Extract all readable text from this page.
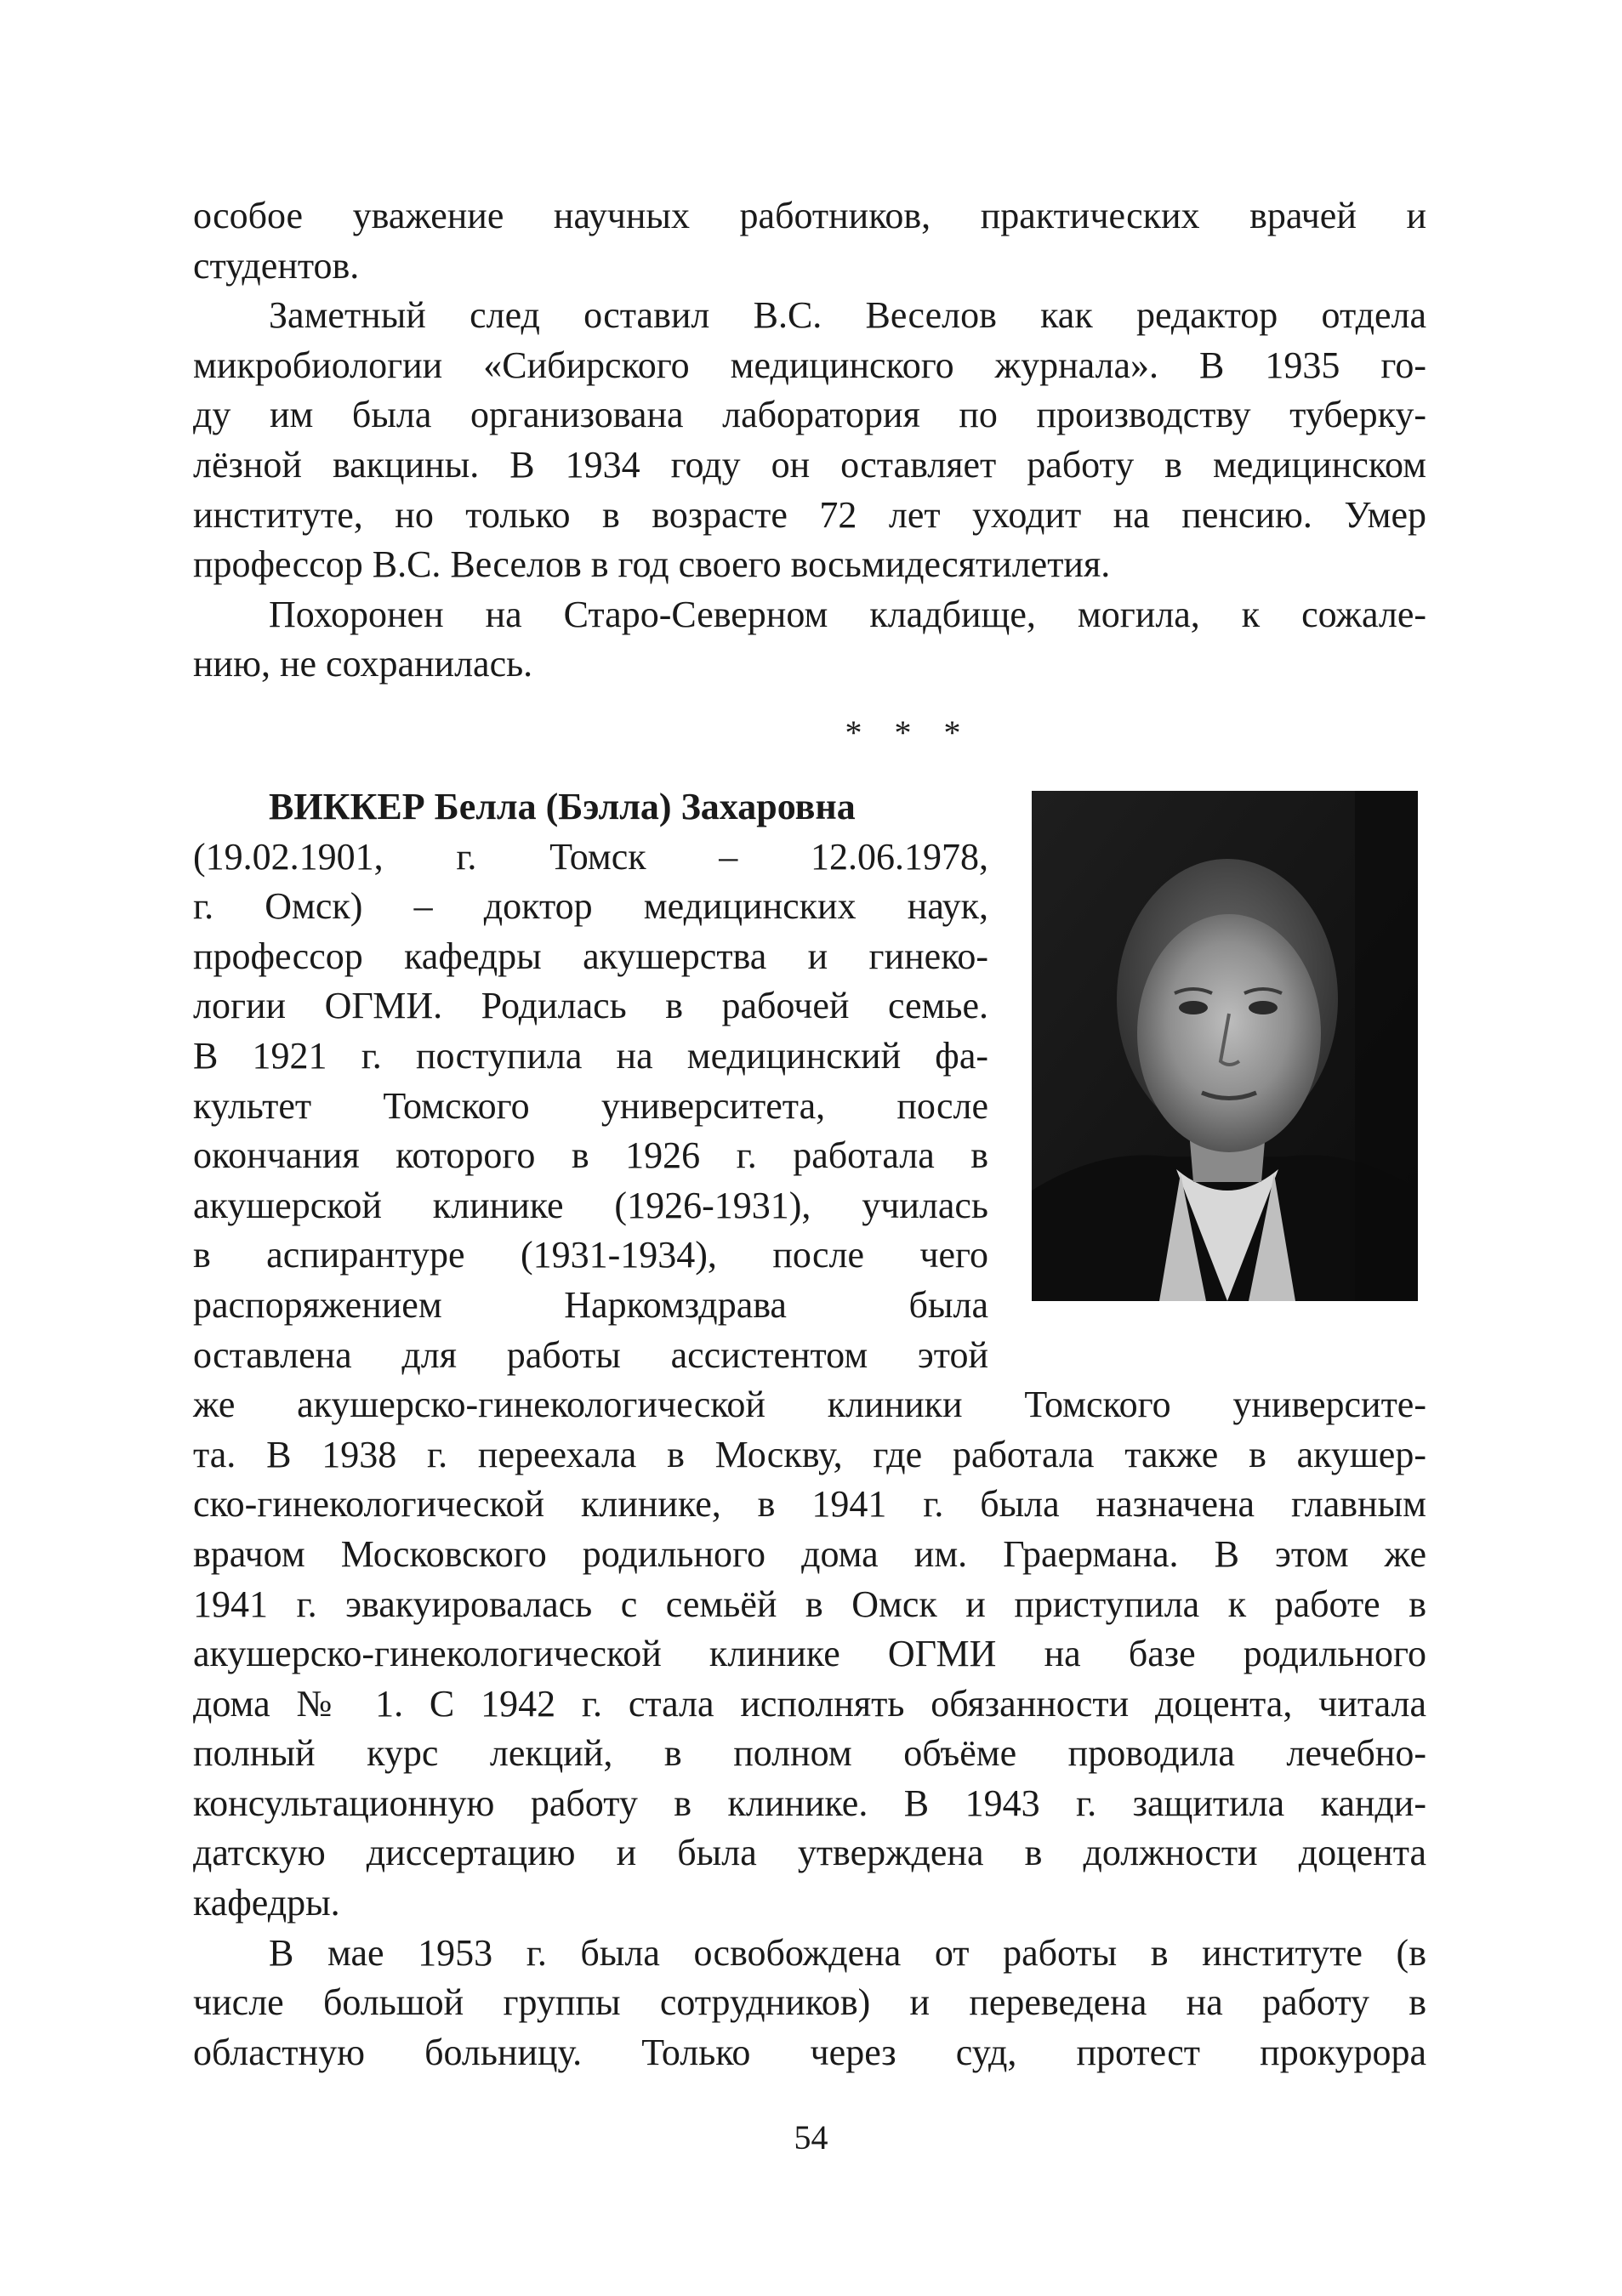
особое уважение научных работников, практических врачей и
студентов.
Заметный след оставил В.С. Веселов как редактор отдела
микробиологии «Сибирского медицинского журнала». В 1935 го-
ду им была организована лаборатория по производству туберку-
лёзной вакцины. В 1934 году он оставляет работу в медицинском
институте, но только в возрасте 72 лет уходит на пенсию. Умер
профессор В.С. Веселов в год своего восьмидесятилетия.
Похоронен на Старо-Северном кладбище, могила, к сожале-
нию, не сохранилась.
* * *
ВИККЕР Белла (Бэлла) Захаровна
(19.02.1901, г. Томск – 12.06.1978,
г. Омск) – доктор медицинских наук,
профессор кафедры акушерства и гинеко-
логии ОГМИ. Родилась в рабочей семье.
В 1921 г. поступила на медицинский фа-
культет Томского университета, после
окончания которого в 1926 г. работала в
акушерской клинике (1926-1931), училась
в аспирантуре (1931-1934), после чего
распоряжением Наркомздрава была
оставлена для работы ассистентом этой
же акушерско-гинекологической клиники Томского университе-
та. В 1938 г. переехала в Москву, где работала также в акушер-
ско-гинекологической клинике, в 1941 г. была назначена главным
врачом Московского родильного дома им. Граермана. В этом же
1941 г. эвакуировалась с семьёй в Омск и приступила к работе в
акушерско-гинекологической клинике ОГМИ на базе родильного
дома № 1. С 1942 г. стала исполнять обязанности доцента, читала
полный курс лекций, в полном объёме проводила лечебно-
консультационную работу в клинике. В 1943 г. защитила канди-
датскую диссертацию и была утверждена в должности доцента
кафедры.
В мае 1953 г. была освобождена от работы в институте (в
числе большой группы сотрудников) и переведена на работу в
областную больницу. Только через суд, протест прокурора
54
